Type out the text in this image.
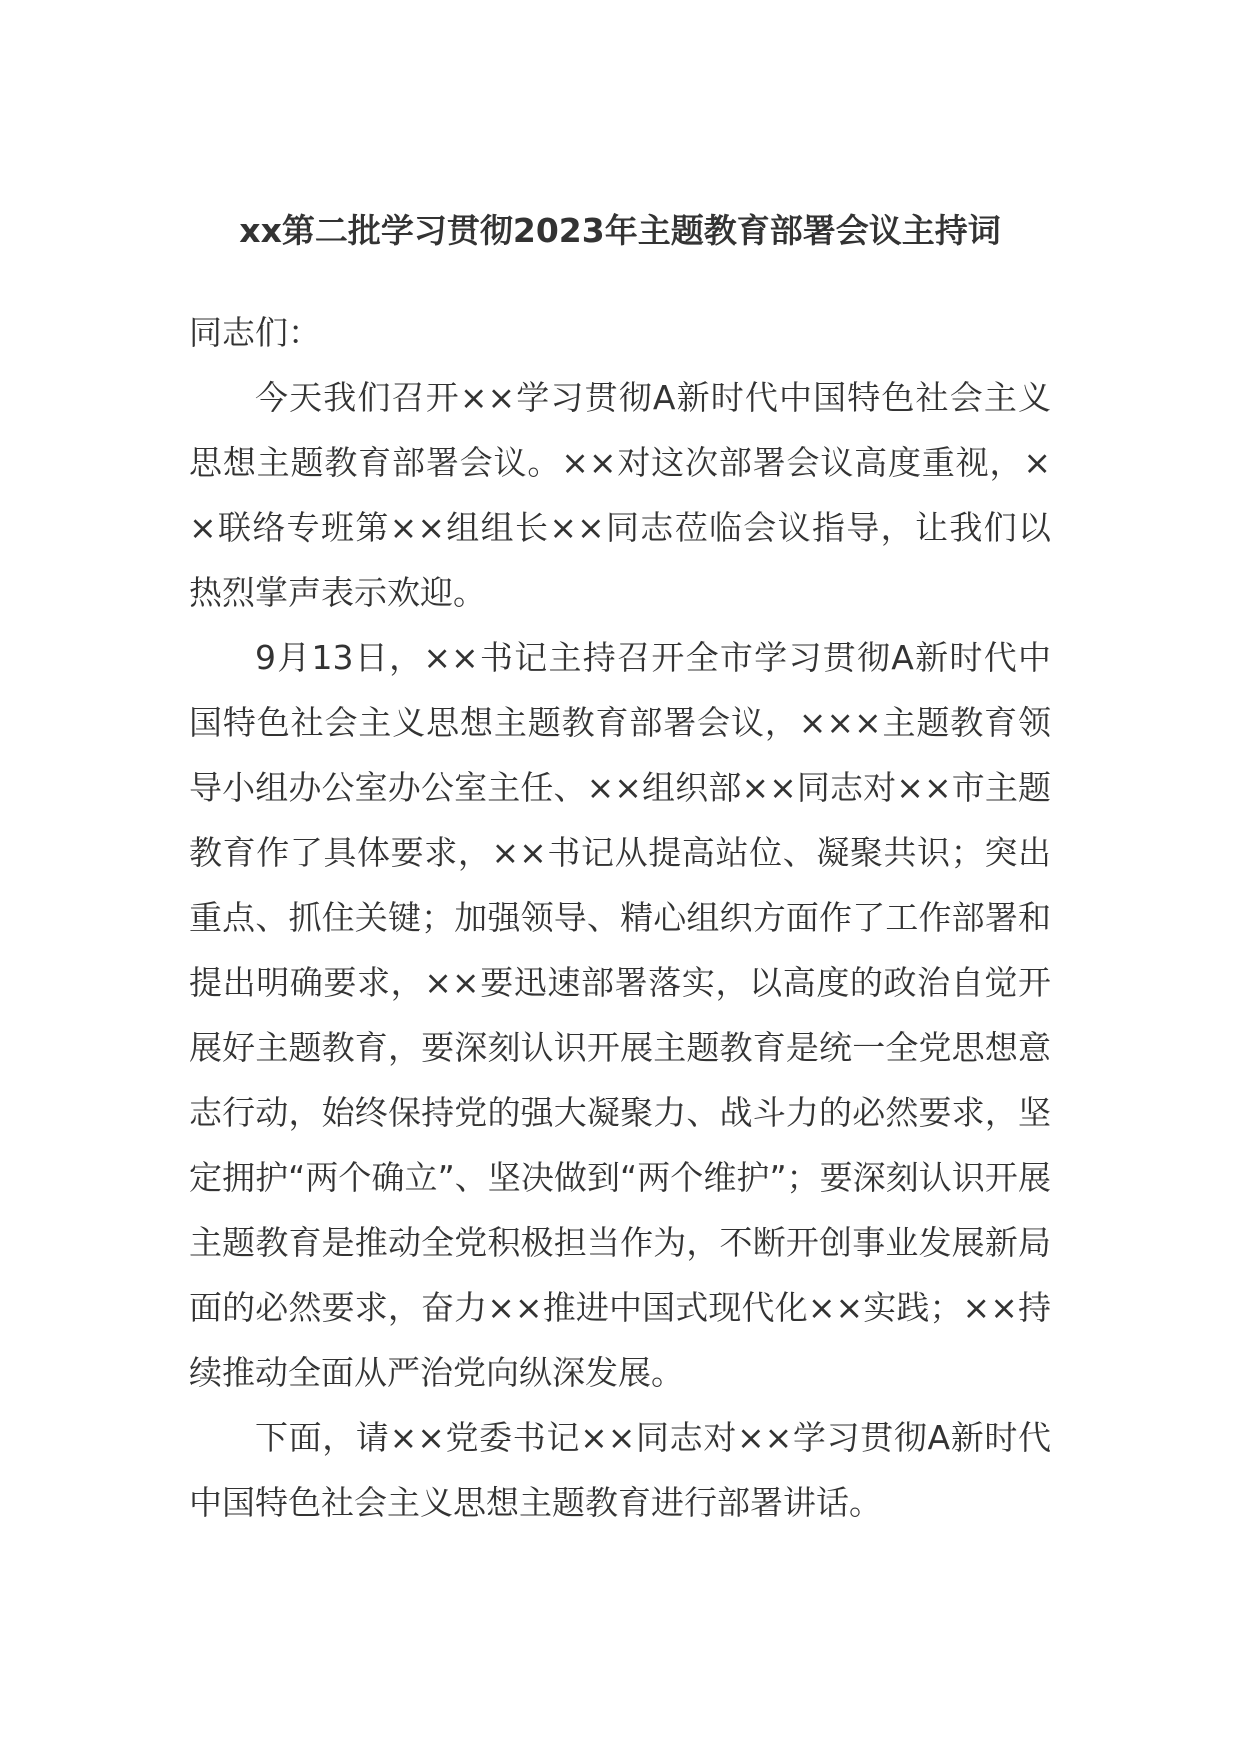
xx第二批学习贯彻2023年主题教育部署会议主持词

同志们：

今天我们召开××学习贯彻A新时代中国特色社会主义思想主题教育部署会议。××对这次部署会议高度重视，××联络专班第××组组长××同志莅临会议指导，让我们以热烈掌声表示欢迎。

9月13日，××书记主持召开全市学习贯彻A新时代中国特色社会主义思想主题教育部署会议，×××主题教育领导小组办公室办公室主任、××组织部××同志对××市主题教育作了具体要求，××书记从提高站位、凝聚共识；突出重点、抓住关键；加强领导、精心组织方面作了工作部署和提出明确要求，××要迅速部署落实，以高度的政治自觉开展好主题教育，要深刻认识开展主题教育是统一全党思想意志行动，始终保持党的强大凝聚力、战斗力的必然要求，坚定拥护“两个确立”、坚决做到“两个维护”；要深刻认识开展主题教育是推动全党积极担当作为，不断开创事业发展新局面的必然要求，奋力××推进中国式现代化××实践；××持续推动全面从严治党向纵深发展。

下面，请××党委书记××同志对××学习贯彻A新时代中国特色社会主义思想主题教育进行部署讲话。
